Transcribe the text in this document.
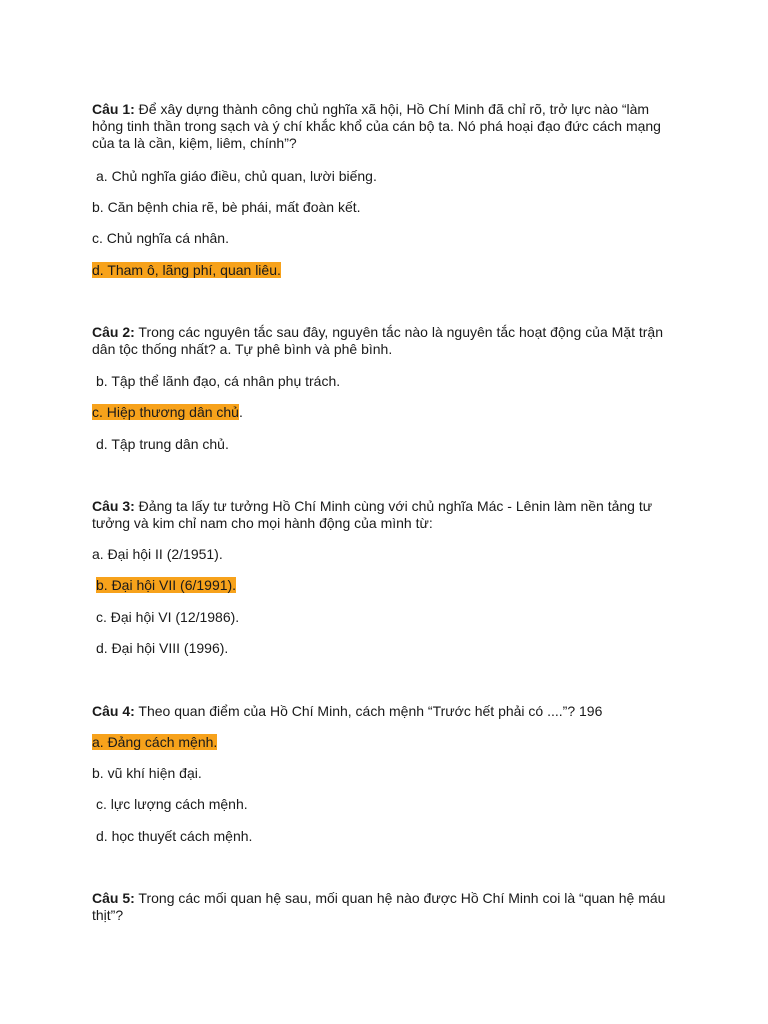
Câu 1: Để xây dựng thành công chủ nghĩa xã hội, Hồ Chí Minh đã chỉ rõ, trở lực nào “làm hỏng tinh thần trong sạch và ý chí khắc khổ của cán bộ ta. Nó phá hoại đạo đức cách mạng của ta là cần, kiệm, liêm, chính”?

a. Chủ nghĩa giáo điều, chủ quan, lười biếng.

b. Căn bệnh chia rẽ, bè phái, mất đoàn kết.

c. Chủ nghĩa cá nhân.

d. Tham ô, lãng phí, quan liêu.

Câu 2: Trong các nguyên tắc sau đây, nguyên tắc nào là nguyên tắc hoạt động của Mặt trận dân tộc thống nhất? a. Tự phê bình và phê bình.

b. Tập thể lãnh đạo, cá nhân phụ trách.

c. Hiệp thương dân chủ.

d. Tập trung dân chủ.

Câu 3: Đảng ta lấy tư tưởng Hồ Chí Minh cùng với chủ nghĩa Mác - Lênin làm nền tảng tư tưởng và kim chỉ nam cho mọi hành động của mình từ:

a. Đại hội II (2/1951).

b. Đại hội VII (6/1991).

c. Đại hội VI (12/1986).

d. Đại hội VIII (1996).

Câu 4: Theo quan điểm của Hồ Chí Minh, cách mệnh “Trước hết phải có ....”? 196

a. Đảng cách mệnh.

b. vũ khí hiện đại.

c. lực lượng cách mệnh.

d. học thuyết cách mệnh.

Câu 5: Trong các mối quan hệ sau, mối quan hệ nào được Hồ Chí Minh coi là “quan hệ máu thịt”?
